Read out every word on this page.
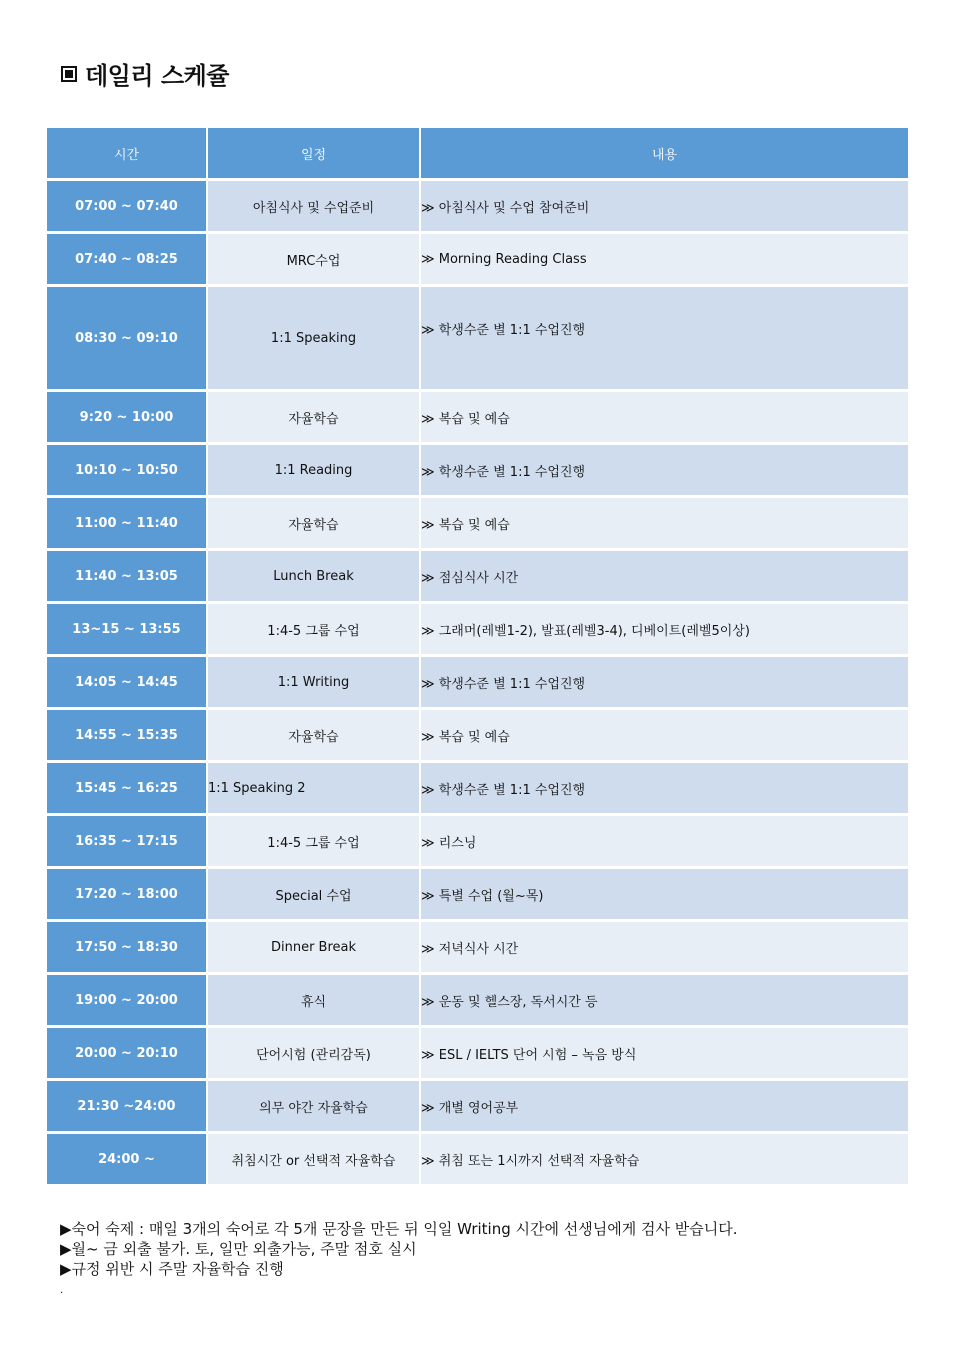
데일리 스케쥴
시간	일정	내용
07:00 ~ 07:40	아침식사 및 수업준비	≫ 아침식사 및 수업 참여준비
07:40 ~ 08:25	MRC수업	≫ Morning Reading Class
08:30 ~ 09:10	1:1 Speaking	≫ 학생수준 별 1:1 수업진행
9:20 ~ 10:00	자율학습	≫ 복습 및 예습
10:10 ~ 10:50	1:1 Reading	≫ 학생수준 별 1:1 수업진행
11:00 ~ 11:40	자율학습	≫ 복습 및 예습
11:40 ~ 13:05	Lunch Break	≫ 점심식사 시간
13~15 ~ 13:55	1:4-5 그룹 수업	≫ 그래머(레벨1-2), 발표(레벨3-4), 디베이트(레벨5이상)
14:05 ~ 14:45	1:1 Writing	≫ 학생수준 별 1:1 수업진행
14:55 ~ 15:35	자율학습	≫ 복습 및 예습
15:45 ~ 16:25	1:1 Speaking 2	≫ 학생수준 별 1:1 수업진행
16:35 ~ 17:15	1:4-5 그룹 수업	≫ 리스닝
17:20 ~ 18:00	Special 수업	≫ 특별 수업 (월~목)
17:50 ~ 18:30	Dinner Break	≫ 저녁식사 시간
19:00 ~ 20:00	휴식	≫ 운동 및 헬스장, 독서시간 등
20:00 ~ 20:10	단어시험 (관리감독)	≫ ESL / IELTS 단어 시험 – 녹음 방식
21:30 ~24:00	의무 야간 자율학습	≫ 개별 영어공부
24:00 ~	취침시간 or 선택적 자율학습	≫ 취침 또는 1시까지 선택적 자율학습
▶숙어 숙제 : 매일 3개의 숙어로 각 5개 문장을 만든 뒤 익일 Writing 시간에 선생님에게 검사 받습니다.
▶월~ 금 외출 불가. 토, 일만 외출가능, 주말 점호 실시
▶규정 위반 시 주말 자율학습 진행
.
